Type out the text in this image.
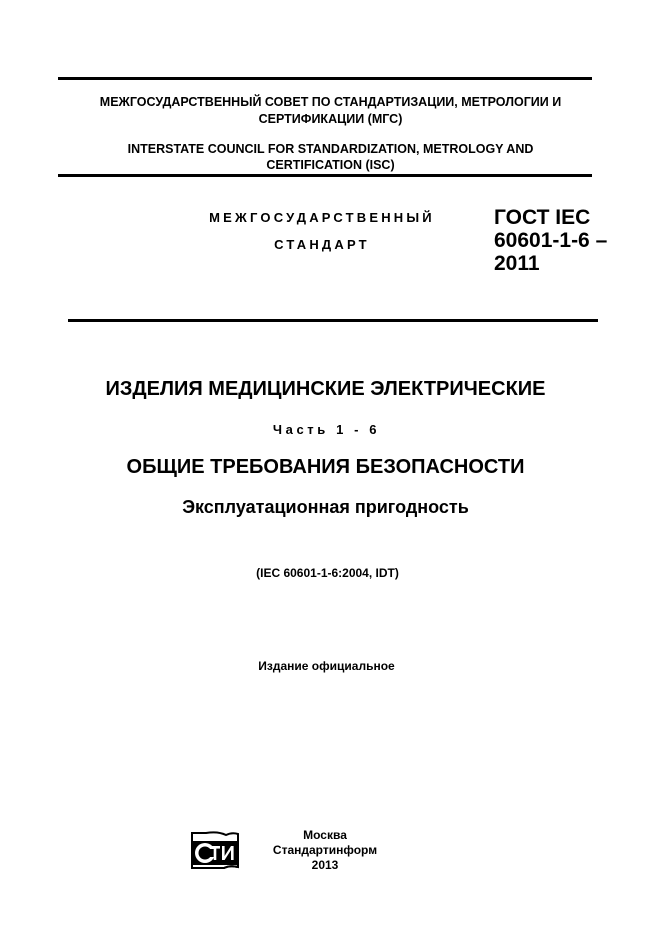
МЕЖГОСУДАРСТВЕННЫЙ СОВЕТ ПО СТАНДАРТИЗАЦИИ, МЕТРОЛОГИИ И
СЕРТИФИКАЦИИ (МГС)
INTERSTATE COUNCIL FOR STANDARDIZATION, METROLOGY AND
CERTIFICATION (ISC)
МЕЖГОСУДАРСТВЕННЫЙ
СТАНДАРТ
ГОСТ IEC
60601-1-6 –
2011
ИЗДЕЛИЯ МЕДИЦИНСКИЕ ЭЛЕКТРИЧЕСКИЕ
Часть 1 - 6
ОБЩИЕ ТРЕБОВАНИЯ БЕЗОПАСНОСТИ
Эксплуатационная пригодность
(IEC 60601-1-6:2004, IDT)
Издание официальное
Москва
Стандартинформ
2013
